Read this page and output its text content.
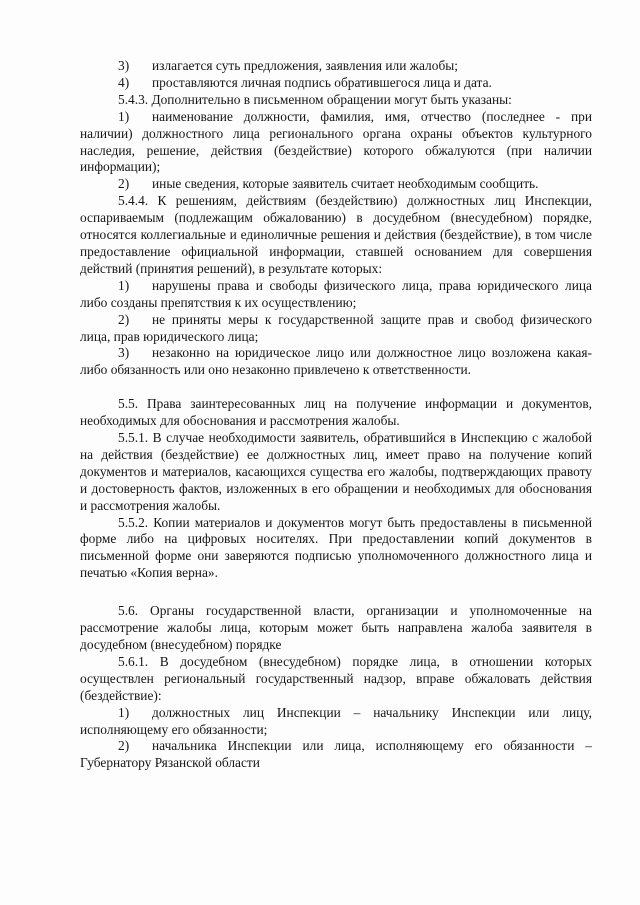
3) излагается суть предложения, заявления или жалобы;

4) проставляются личная подпись обратившегося лица и дата.

5.4.3. Дополнительно в письменном обращении могут быть указаны:

1) наименование должности, фамилия, имя, отчество (последнее - при наличии) должностного лица регионального органа охраны объектов культурного наследия, решение, действия (бездействие) которого обжалуются (при наличии информации);

2) иные сведения, которые заявитель считает необходимым сообщить.

5.4.4. К решениям, действиям (бездействию) должностных лиц Инспекции, оспариваемым (подлежащим обжалованию) в досудебном (внесудебном) порядке, относятся коллегиальные и единоличные решения и действия (бездействие), в том числе предоставление официальной информации, ставшей основанием для совершения действий (принятия решений), в результате которых:

1) нарушены права и свободы физического лица, права юридического лица либо созданы препятствия к их осуществлению;

2) не приняты меры к государственной защите прав и свобод физического лица, прав юридического лица;

3) незаконно на юридическое лицо или должностное лицо возложена какая-либо обязанность или оно незаконно привлечено к ответственности.

5.5. Права заинтересованных лиц на получение информации и документов, необходимых для обоснования и рассмотрения жалобы.

5.5.1. В случае необходимости заявитель, обратившийся в Инспекцию с жалобой на действия (бездействие) ее должностных лиц, имеет право на получение копий документов и материалов, касающихся существа его жалобы, подтверждающих правоту и достоверность фактов, изложенных в его обращении и необходимых для обоснования и рассмотрения жалобы.

5.5.2. Копии материалов и документов могут быть предоставлены в письменной форме либо на цифровых носителях. При предоставлении копий документов в письменной форме они заверяются подписью уполномоченного должностного лица и печатью «Копия верна».

5.6. Органы государственной власти, организации и уполномоченные на рассмотрение жалобы лица, которым может быть направлена жалоба заявителя в досудебном (внесудебном) порядке

5.6.1. В досудебном (внесудебном) порядке лица, в отношении которых осуществлен региональный государственный надзор, вправе обжаловать действия (бездействие):

1) должностных лиц Инспекции – начальнику Инспекции или лицу, исполняющему его обязанности;

2) начальника Инспекции или лица, исполняющему его обязанности – Губернатору Рязанской области
